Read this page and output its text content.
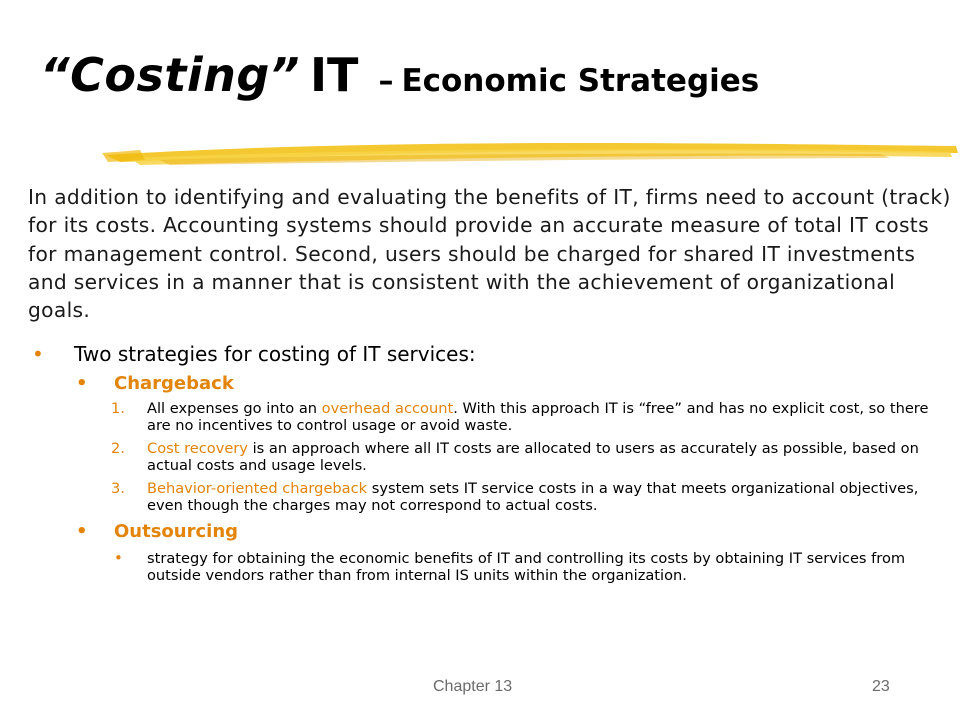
“Costing” IT – Economic Strategies
In addition to identifying and evaluating the benefits of IT, firms need to account (track) for its costs. Accounting systems should provide an accurate measure of total IT costs for management control. Second, users should be charged for shared IT investments and services in a manner that is consistent with the achievement of organizational goals.
• Two strategies for costing of IT services:
• Chargeback
1. All expenses go into an overhead account. With this approach IT is “free” and has no explicit cost, so there are no incentives to control usage or avoid waste.
2. Cost recovery is an approach where all IT costs are allocated to users as accurately as possible, based on actual costs and usage levels.
3. Behavior-oriented chargeback system sets IT service costs in a way that meets organizational objectives, even though the charges may not correspond to actual costs.
• Outsourcing
• strategy for obtaining the economic benefits of IT and controlling its costs by obtaining IT services from outside vendors rather than from internal IS units within the organization.
Chapter 13	23
